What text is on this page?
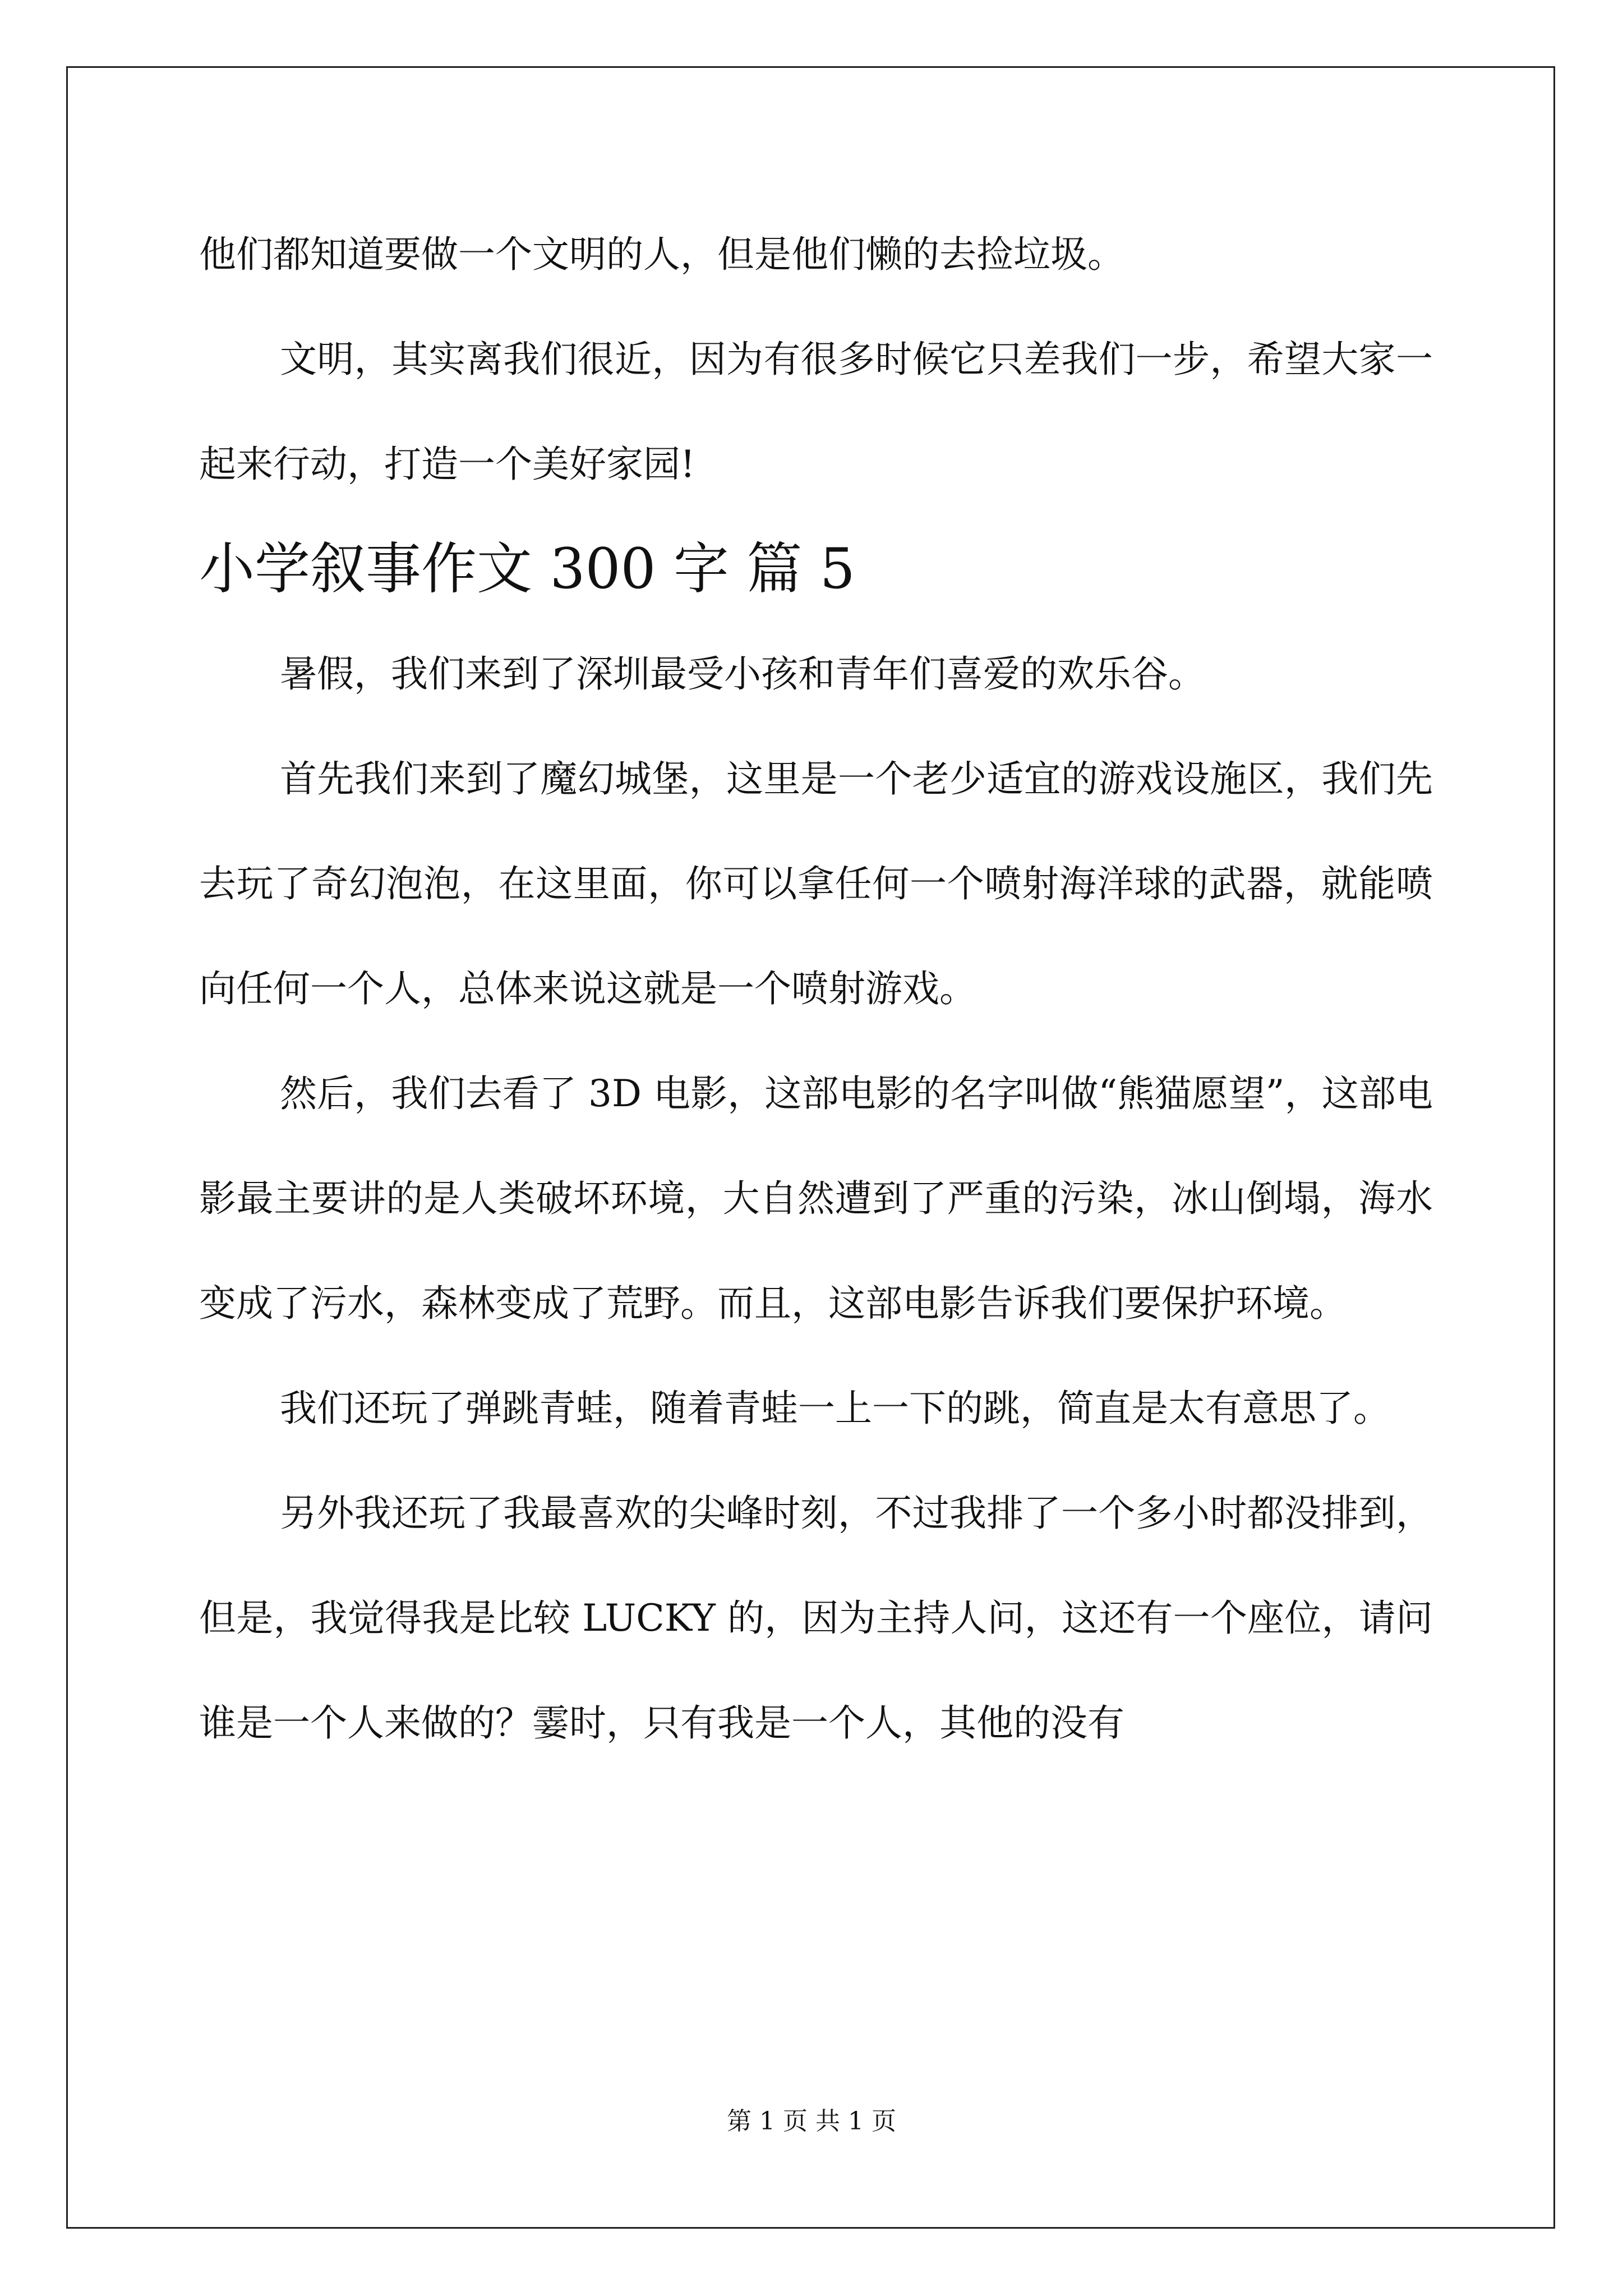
他们都知道要做一个文明的人，但是他们懒的去捡垃圾。

文明，其实离我们很近，因为有很多时候它只差我们一步，希望大家一起来行动，打造一个美好家园!

小学叙事作文 300 字 篇 5

暑假，我们来到了深圳最受小孩和青年们喜爱的欢乐谷。

首先我们来到了魔幻城堡，这里是一个老少适宜的游戏设施区，我们先去玩了奇幻泡泡，在这里面，你可以拿任何一个喷射海洋球的武器，就能喷向任何一个人，总体来说这就是一个喷射游戏。

然后，我们去看了 3D 电影，这部电影的名字叫做“熊猫愿望”，这部电影最主要讲的是人类破坏环境，大自然遭到了严重的污染，冰山倒塌，海水变成了污水，森林变成了荒野。而且，这部电影告诉我们要保护环境。

我们还玩了弹跳青蛙，随着青蛙一上一下的跳，简直是太有意思了。

另外我还玩了我最喜欢的尖峰时刻，不过我排了一个多小时都没排到，但是，我觉得我是比较 LUCKY 的，因为主持人问，这还有一个座位，请问谁是一个人来做的？霎时，只有我是一个人，其他的没有

第 1 页 共 1 页
